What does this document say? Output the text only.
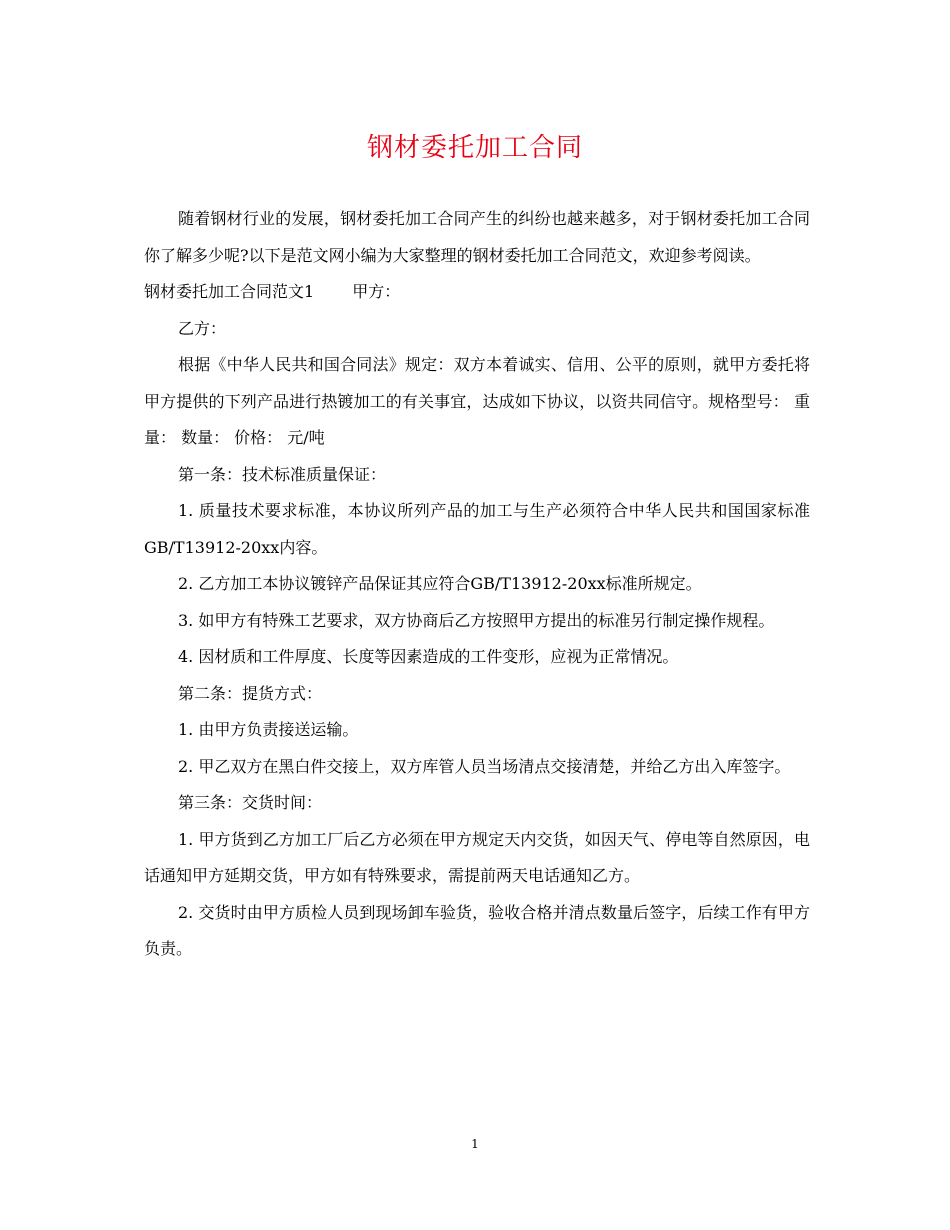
钢材委托加工合同

随着钢材行业的发展，钢材委托加工合同产生的纠纷也越来越多，对于钢材委托加工合同你了解多少呢?以下是范文网小编为大家整理的钢材委托加工合同范文，欢迎参考阅读。

钢材委托加工合同范文1 甲方：

乙方：

根据《中华人民共和国合同法》规定：双方本着诚实、信用、公平的原则，就甲方委托将甲方提供的下列产品进行热镀加工的有关事宜，达成如下协议，以资共同信守。规格型号： 重量： 数量： 价格： 元/吨

第一条：技术标准质量保证：

1. 质量技术要求标准，本协议所列产品的加工与生产必须符合中华人民共和国国家标准GB/T13912-20xx内容。

2. 乙方加工本协议镀锌产品保证其应符合GB/T13912-20xx标准所规定。

3. 如甲方有特殊工艺要求，双方协商后乙方按照甲方提出的标准另行制定操作规程。

4. 因材质和工件厚度、长度等因素造成的工件变形，应视为正常情况。

第二条：提货方式：

1. 由甲方负责接送运输。

2. 甲乙双方在黑白件交接上，双方库管人员当场清点交接清楚，并给乙方出入库签字。

第三条：交货时间：

1. 甲方货到乙方加工厂后乙方必须在甲方规定天内交货，如因天气、停电等自然原因，电话通知甲方延期交货，甲方如有特殊要求，需提前两天电话通知乙方。

2. 交货时由甲方质检人员到现场卸车验货，验收合格并清点数量后签字，后续工作有甲方负责。

1
